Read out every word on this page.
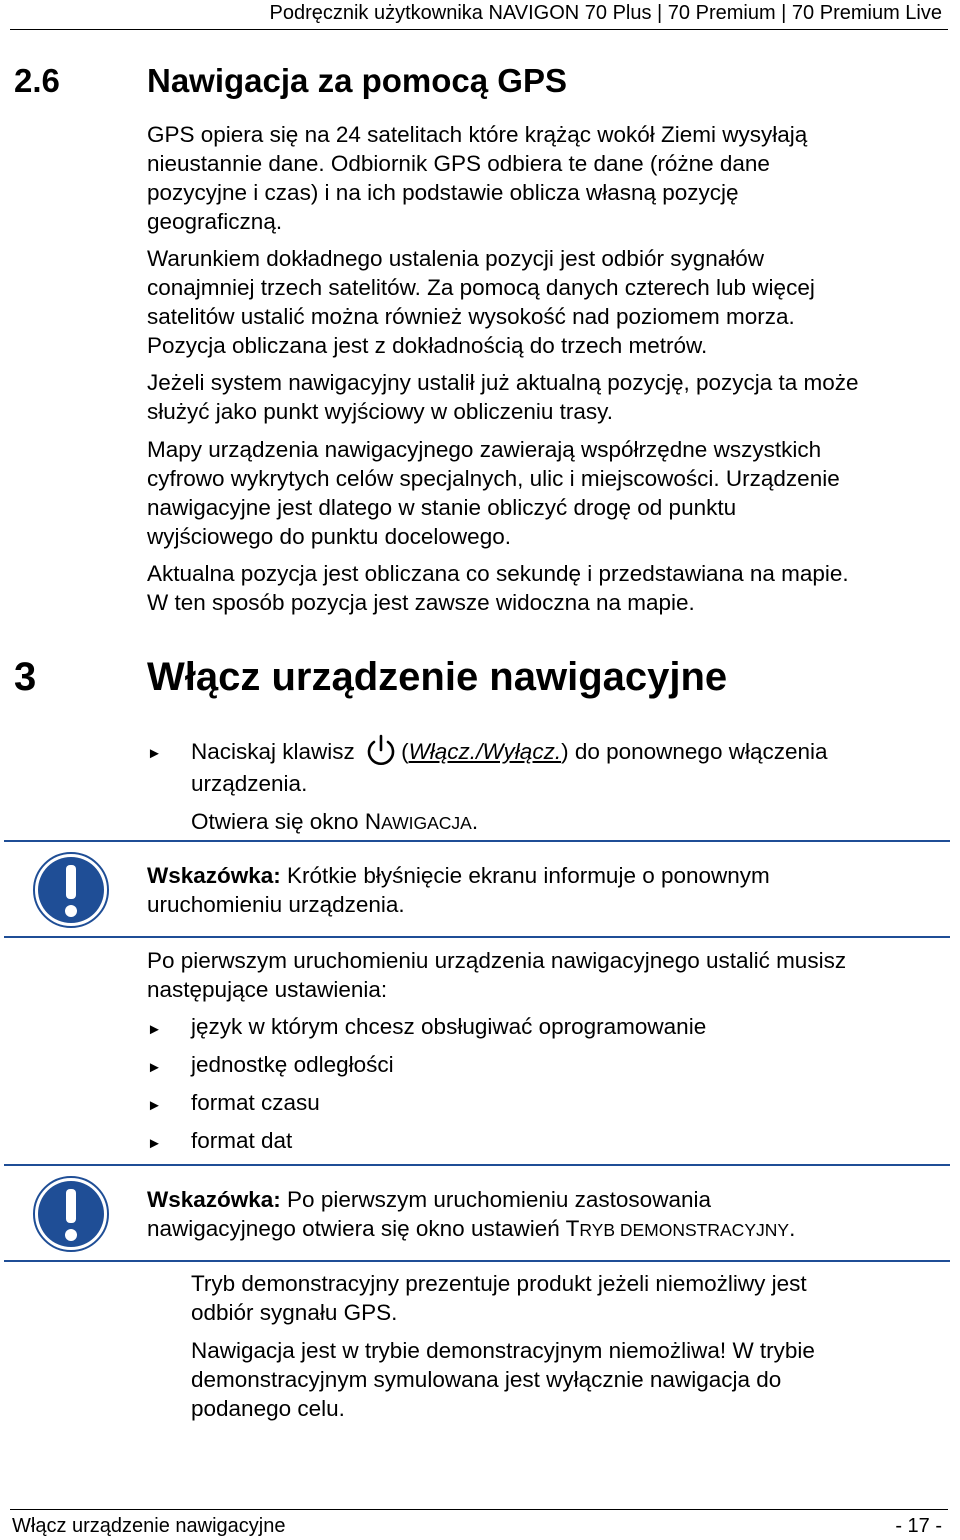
Podręcznik użytkownika NAVIGON 70 Plus | 70 Premium | 70 Premium Live
2.6	Nawigacja za pomocą GPS
GPS opiera się na 24 satelitach które krążąc wokół Ziemi wysyłają
nieustannie dane. Odbiornik GPS odbiera te dane (różne dane
pozycyjne i czas) i na ich podstawie oblicza własną pozycję
geograficzną.
Warunkiem dokładnego ustalenia pozycji jest odbiór sygnałów
conajmniej trzech satelitów. Za pomocą danych czterech lub więcej
satelitów ustalić można również wysokość nad poziomem morza.
Pozycja obliczana jest z dokładnością do trzech metrów.
Jeżeli system nawigacyjny ustalił już aktualną pozycję, pozycja ta może
służyć jako punkt wyjściowy w obliczeniu trasy.
Mapy urządzenia nawigacyjnego zawierają współrzędne wszystkich
cyfrowo wykrytych celów specjalnych, ulic i miejscowości. Urządzenie
nawigacyjne jest dlatego w stanie obliczyć drogę od punktu
wyjściowego do punktu docelowego.
Aktualna pozycja jest obliczana co sekundę i przedstawiana na mapie.
W ten sposób pozycja jest zawsze widoczna na mapie.
3	Włącz urządzenie nawigacyjne
► Naciskaj klawisz (Włącz./Wyłącz.) do ponownego włączenia
urządzenia.
Otwiera się okno NAWIGACJA.
Wskazówka: Krótkie błyśnięcie ekranu informuje o ponownym
uruchomieniu urządzenia.
Po pierwszym uruchomieniu urządzenia nawigacyjnego ustalić musisz
następujące ustawienia:
► język w którym chcesz obsługiwać oprogramowanie
► jednostkę odległości
► format czasu
► format dat
Wskazówka: Po pierwszym uruchomieniu zastosowania
nawigacyjnego otwiera się okno ustawień TRYB DEMONSTRACYJNY.
Tryb demonstracyjny prezentuje produkt jeżeli niemożliwy jest
odbiór sygnału GPS.
Nawigacja jest w trybie demonstracyjnym niemożliwa! W trybie
demonstracyjnym symulowana jest wyłącznie nawigacja do
podanego celu.
Włącz urządzenie nawigacyjne	- 17 -
